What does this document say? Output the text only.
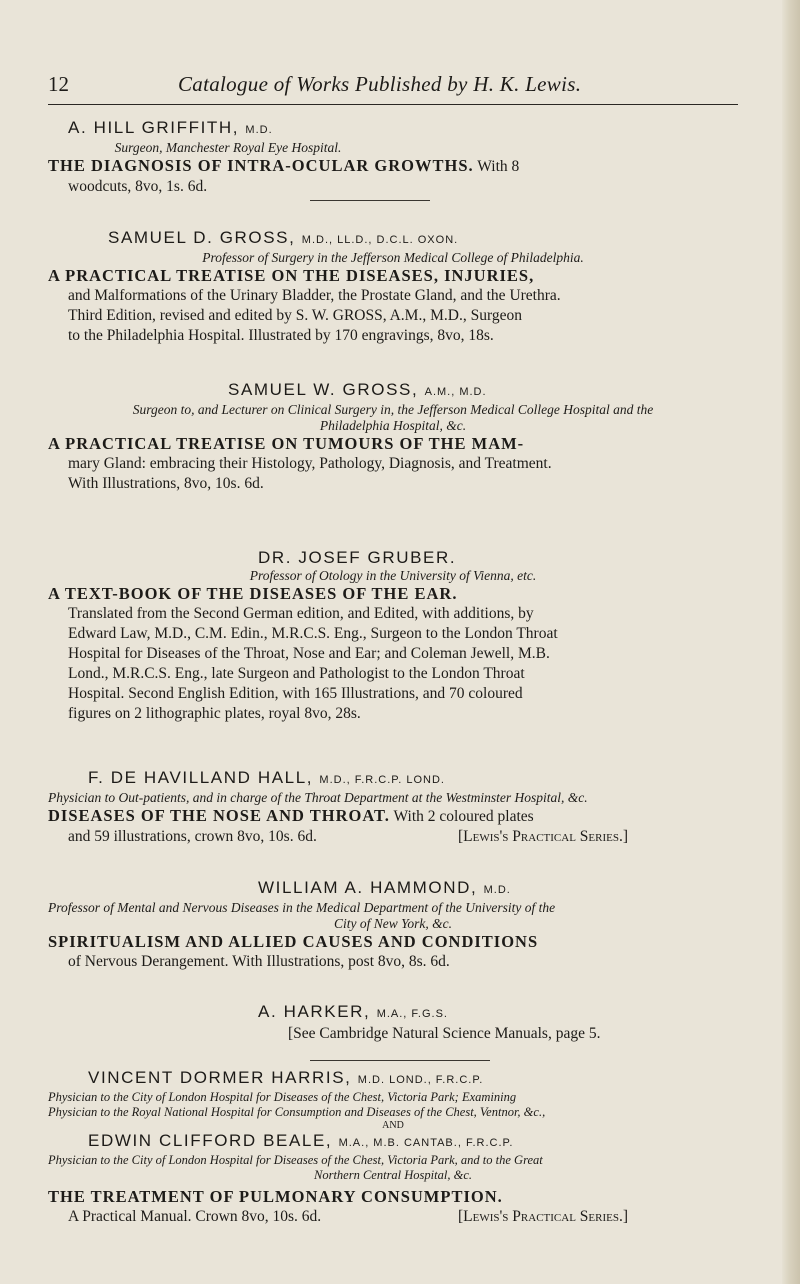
12	Catalogue of Works Published by H. K. Lewis.
A. HILL GRIFFITH, M.D.
Surgeon, Manchester Royal Eye Hospital.
THE DIAGNOSIS OF INTRA-OCULAR GROWTHS. With 8
woodcuts, 8vo, 1s. 6d.
SAMUEL D. GROSS, M.D., LL.D., D.C.L. OXON.
Professor of Surgery in the Jefferson Medical College of Philadelphia.
A PRACTICAL TREATISE ON THE DISEASES, INJURIES,
and Malformations of the Urinary Bladder, the Prostate Gland, and the Urethra.
Third Edition, revised and edited by S. W. GROSS, A.M., M.D., Surgeon
to the Philadelphia Hospital. Illustrated by 170 engravings, 8vo, 18s.
SAMUEL W. GROSS, A.M., M.D.
Surgeon to, and Lecturer on Clinical Surgery in, the Jefferson Medical College Hospital and the
Philadelphia Hospital, &c.
A PRACTICAL TREATISE ON TUMOURS OF THE MAM-
mary Gland: embracing their Histology, Pathology, Diagnosis, and Treatment.
With Illustrations, 8vo, 10s. 6d.
DR. JOSEF GRUBER.
Professor of Otology in the University of Vienna, etc.
A TEXT-BOOK OF THE DISEASES OF THE EAR.
Translated from the Second German edition, and Edited, with additions, by
Edward Law, M.D., C.M. Edin., M.R.C.S. Eng., Surgeon to the London Throat
Hospital for Diseases of the Throat, Nose and Ear; and Coleman Jewell, M.B.
Lond., M.R.C.S. Eng., late Surgeon and Pathologist to the London Throat
Hospital. Second English Edition, with 165 Illustrations, and 70 coloured
figures on 2 lithographic plates, royal 8vo, 28s.
F. DE HAVILLAND HALL, M.D., F.R.C.P. LOND.
Physician to Out-patients, and in charge of the Throat Department at the Westminster Hospital, &c.
DISEASES OF THE NOSE AND THROAT. With 2 coloured plates
and 59 illustrations, crown 8vo, 10s. 6d.	[Lewis's Practical Series.]
WILLIAM A. HAMMOND, M.D.
Professor of Mental and Nervous Diseases in the Medical Department of the University of the
City of New York, &c.
SPIRITUALISM AND ALLIED CAUSES AND CONDITIONS
of Nervous Derangement. With Illustrations, post 8vo, 8s. 6d.
A. HARKER, M.A., F.G.S.
[See Cambridge Natural Science Manuals, page 5.
VINCENT DORMER HARRIS, M.D. LOND., F.R.C.P.
Physician to the City of London Hospital for Diseases of the Chest, Victoria Park; Examining
Physician to the Royal National Hospital for Consumption and Diseases of the Chest, Ventnor, &c.,
AND
EDWIN CLIFFORD BEALE, M.A., M.B. CANTAB., F.R.C.P.
Physician to the City of London Hospital for Diseases of the Chest, Victoria Park, and to the Great
Northern Central Hospital, &c.
THE TREATMENT OF PULMONARY CONSUMPTION.
A Practical Manual. Crown 8vo, 10s. 6d.	[Lewis's Practical Series.]
